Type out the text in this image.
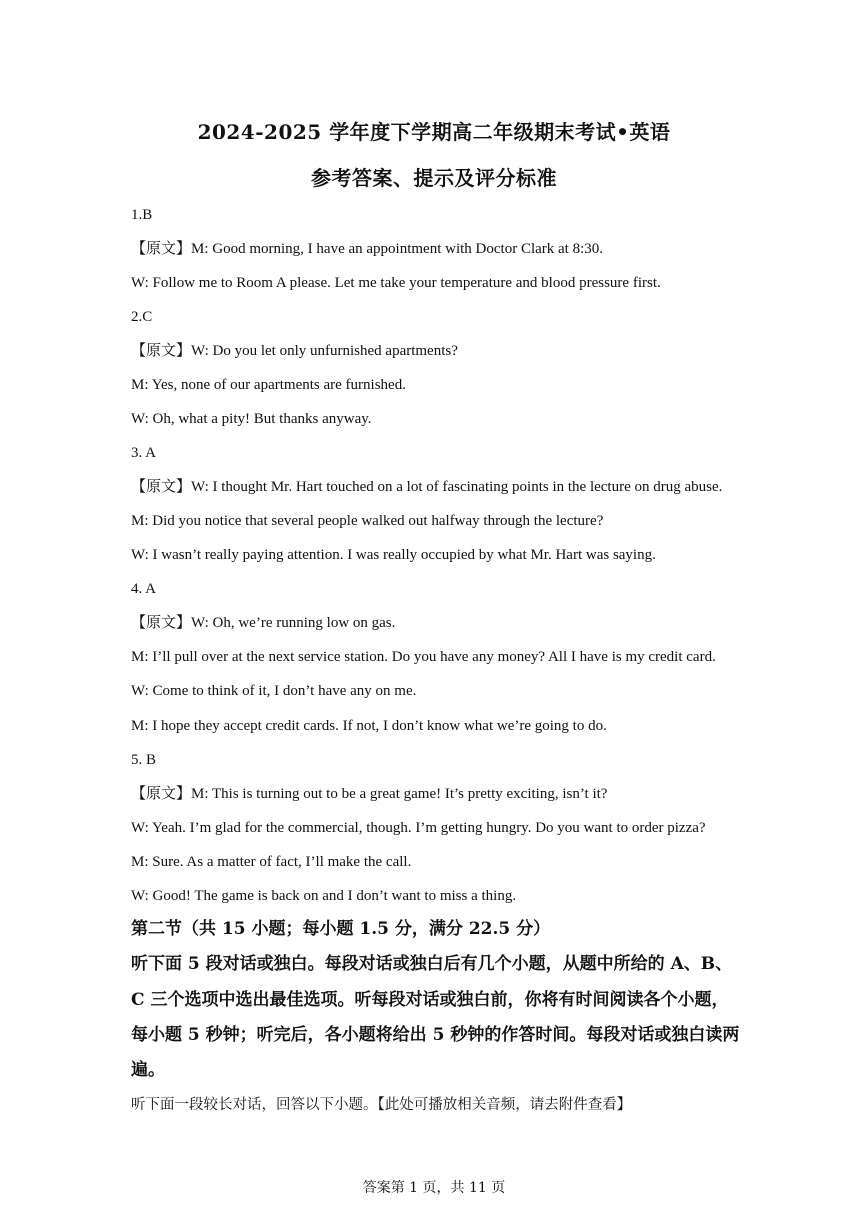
2024-2025 学年度下学期高二年级期末考试•英语
参考答案、提示及评分标准
1.B
【原文】M: Good morning, I have an appointment with Doctor Clark at 8:30.
W: Follow me to Room A please. Let me take your temperature and blood pressure first.
2.C
【原文】W: Do you let only unfurnished apartments?
M: Yes, none of our apartments are furnished.
W: Oh, what a pity! But thanks anyway.
3. A
【原文】W: I thought Mr. Hart touched on a lot of fascinating points in the lecture on drug abuse.
M: Did you notice that several people walked out halfway through the lecture?
W: I wasn’t really paying attention. I was really occupied by what Mr. Hart was saying.
4. A
【原文】W: Oh, we’re running low on gas.
M: I’ll pull over at the next service station. Do you have any money? All I have is my credit card.
W: Come to think of it, I don’t have any on me.
M: I hope they accept credit cards. If not, I don’t know what we’re going to do.
5. B
【原文】M: This is turning out to be a great game! It’s pretty exciting, isn’t it?
W: Yeah. I’m glad for the commercial, though. I’m getting hungry. Do you want to order pizza?
M: Sure. As a matter of fact, I’ll make the call.
W: Good! The game is back on and I don’t want to miss a thing.
第二节（共 15 小题；每小题 1.5 分，满分 22.5 分）
听下面 5 段对话或独白。每段对话或独白后有几个小题，从题中所给的 A、B、
C 三个选项中选出最佳选项。听每段对话或独白前，你将有时间阅读各个小题，
每小题 5 秒钟；听完后，各小题将给出 5 秒钟的作答时间。每段对话或独白读两
遍。
听下面一段较长对话，回答以下小题。【此处可播放相关音频，请去附件查看】
答案第 1 页，共 11 页
